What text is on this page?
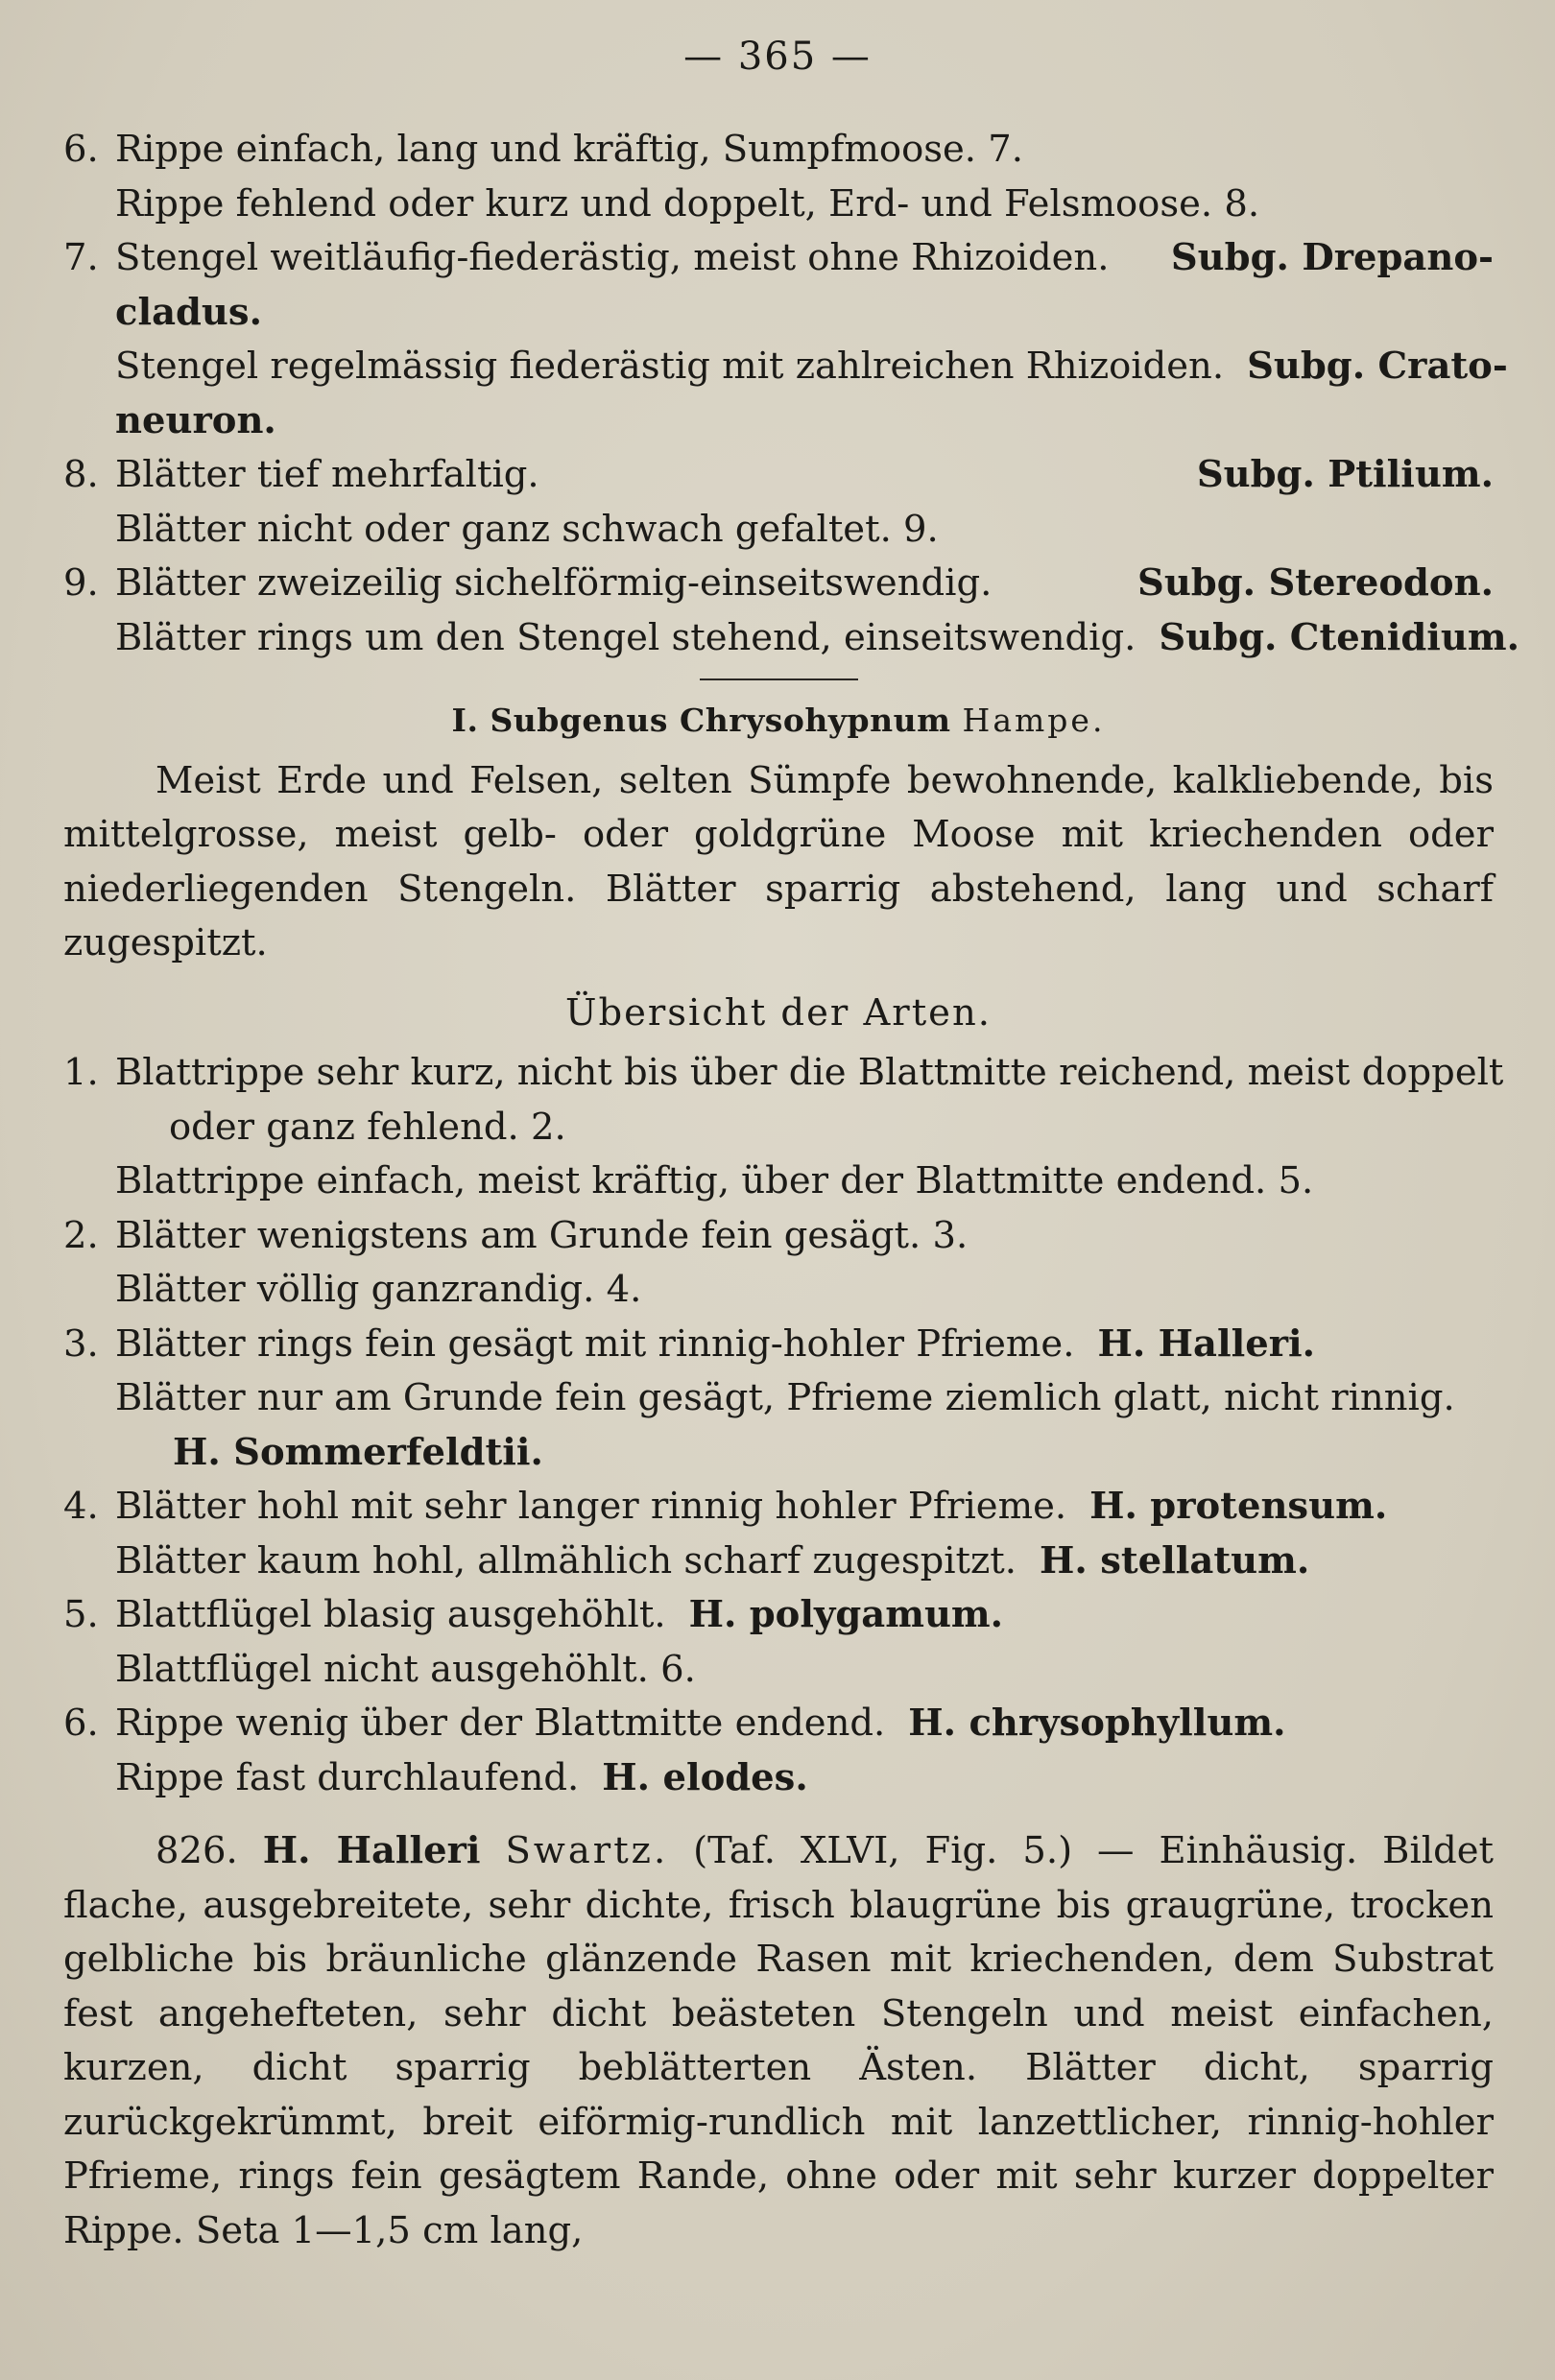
— 365 —
6. Rippe einfach, lang und kräftig, Sumpfmoose. 7.
Rippe fehlend oder kurz und doppelt, Erd- und Felsmoose. 8.
7. Stengel weitläufig-fiederästig, meist ohne Rhizoiden. Subg. Drepano-
cladus.
Stengel regelmässig fiederästig mit zahlreichen Rhizoiden. Subg. Crato-
neuron.
8. Blätter tief mehrfaltig.	Subg. Ptilium.
Blätter nicht oder ganz schwach gefaltet. 9.
9. Blätter zweizeilig sichelförmig-einseitswendig.	Subg. Stereodon.
Blätter rings um den Stengel stehend, einseitswendig. Subg. Ctenidium.
I. Subgenus Chrysohypnum Hampe.
Meist Erde und Felsen, selten Sümpfe bewohnende, kalkliebende, bis mittelgrosse, meist gelb- oder goldgrüne Moose mit kriechenden oder niederliegenden Stengeln. Blätter sparrig abstehend, lang und scharf zugespitzt.
Übersicht der Arten.
1. Blattrippe sehr kurz, nicht bis über die Blattmitte reichend, meist doppelt
oder ganz fehlend. 2.
Blattrippe einfach, meist kräftig, über der Blattmitte endend. 5.
2. Blätter wenigstens am Grunde fein gesägt. 3.
Blätter völlig ganzrandig. 4.
3. Blätter rings fein gesägt mit rinnig-hohler Pfrieme. H. Halleri.
Blätter nur am Grunde fein gesägt, Pfrieme ziemlich glatt, nicht rinnig.
H. Sommerfeldtii.
4. Blätter hohl mit sehr langer rinnig hohler Pfrieme. H. protensum.
Blätter kaum hohl, allmählich scharf zugespitzt. H. stellatum.
5. Blattflügel blasig ausgehöhlt. H. polygamum.
Blattflügel nicht ausgehöhlt. 6.
6. Rippe wenig über der Blattmitte endend. H. chrysophyllum.
Rippe fast durchlaufend. H. elodes.
826. H. Halleri Swartz. (Taf. XLVI, Fig. 5.) — Einhäusig. Bildet flache, ausgebreitete, sehr dichte, frisch blaugrüne bis graugrüne, trocken gelbliche bis bräunliche glänzende Rasen mit kriechenden, dem Substrat fest angehefteten, sehr dicht beästeten Stengeln und meist einfachen, kurzen, dicht sparrig beblätterten Ästen. Blätter dicht, sparrig zurückgekrümmt, breit eiförmig-rundlich mit lanzettlicher, rinnig-hohler Pfrieme, rings fein gesägtem Rande, ohne oder mit sehr kurzer doppelter Rippe. Seta 1—1,5 cm lang,
